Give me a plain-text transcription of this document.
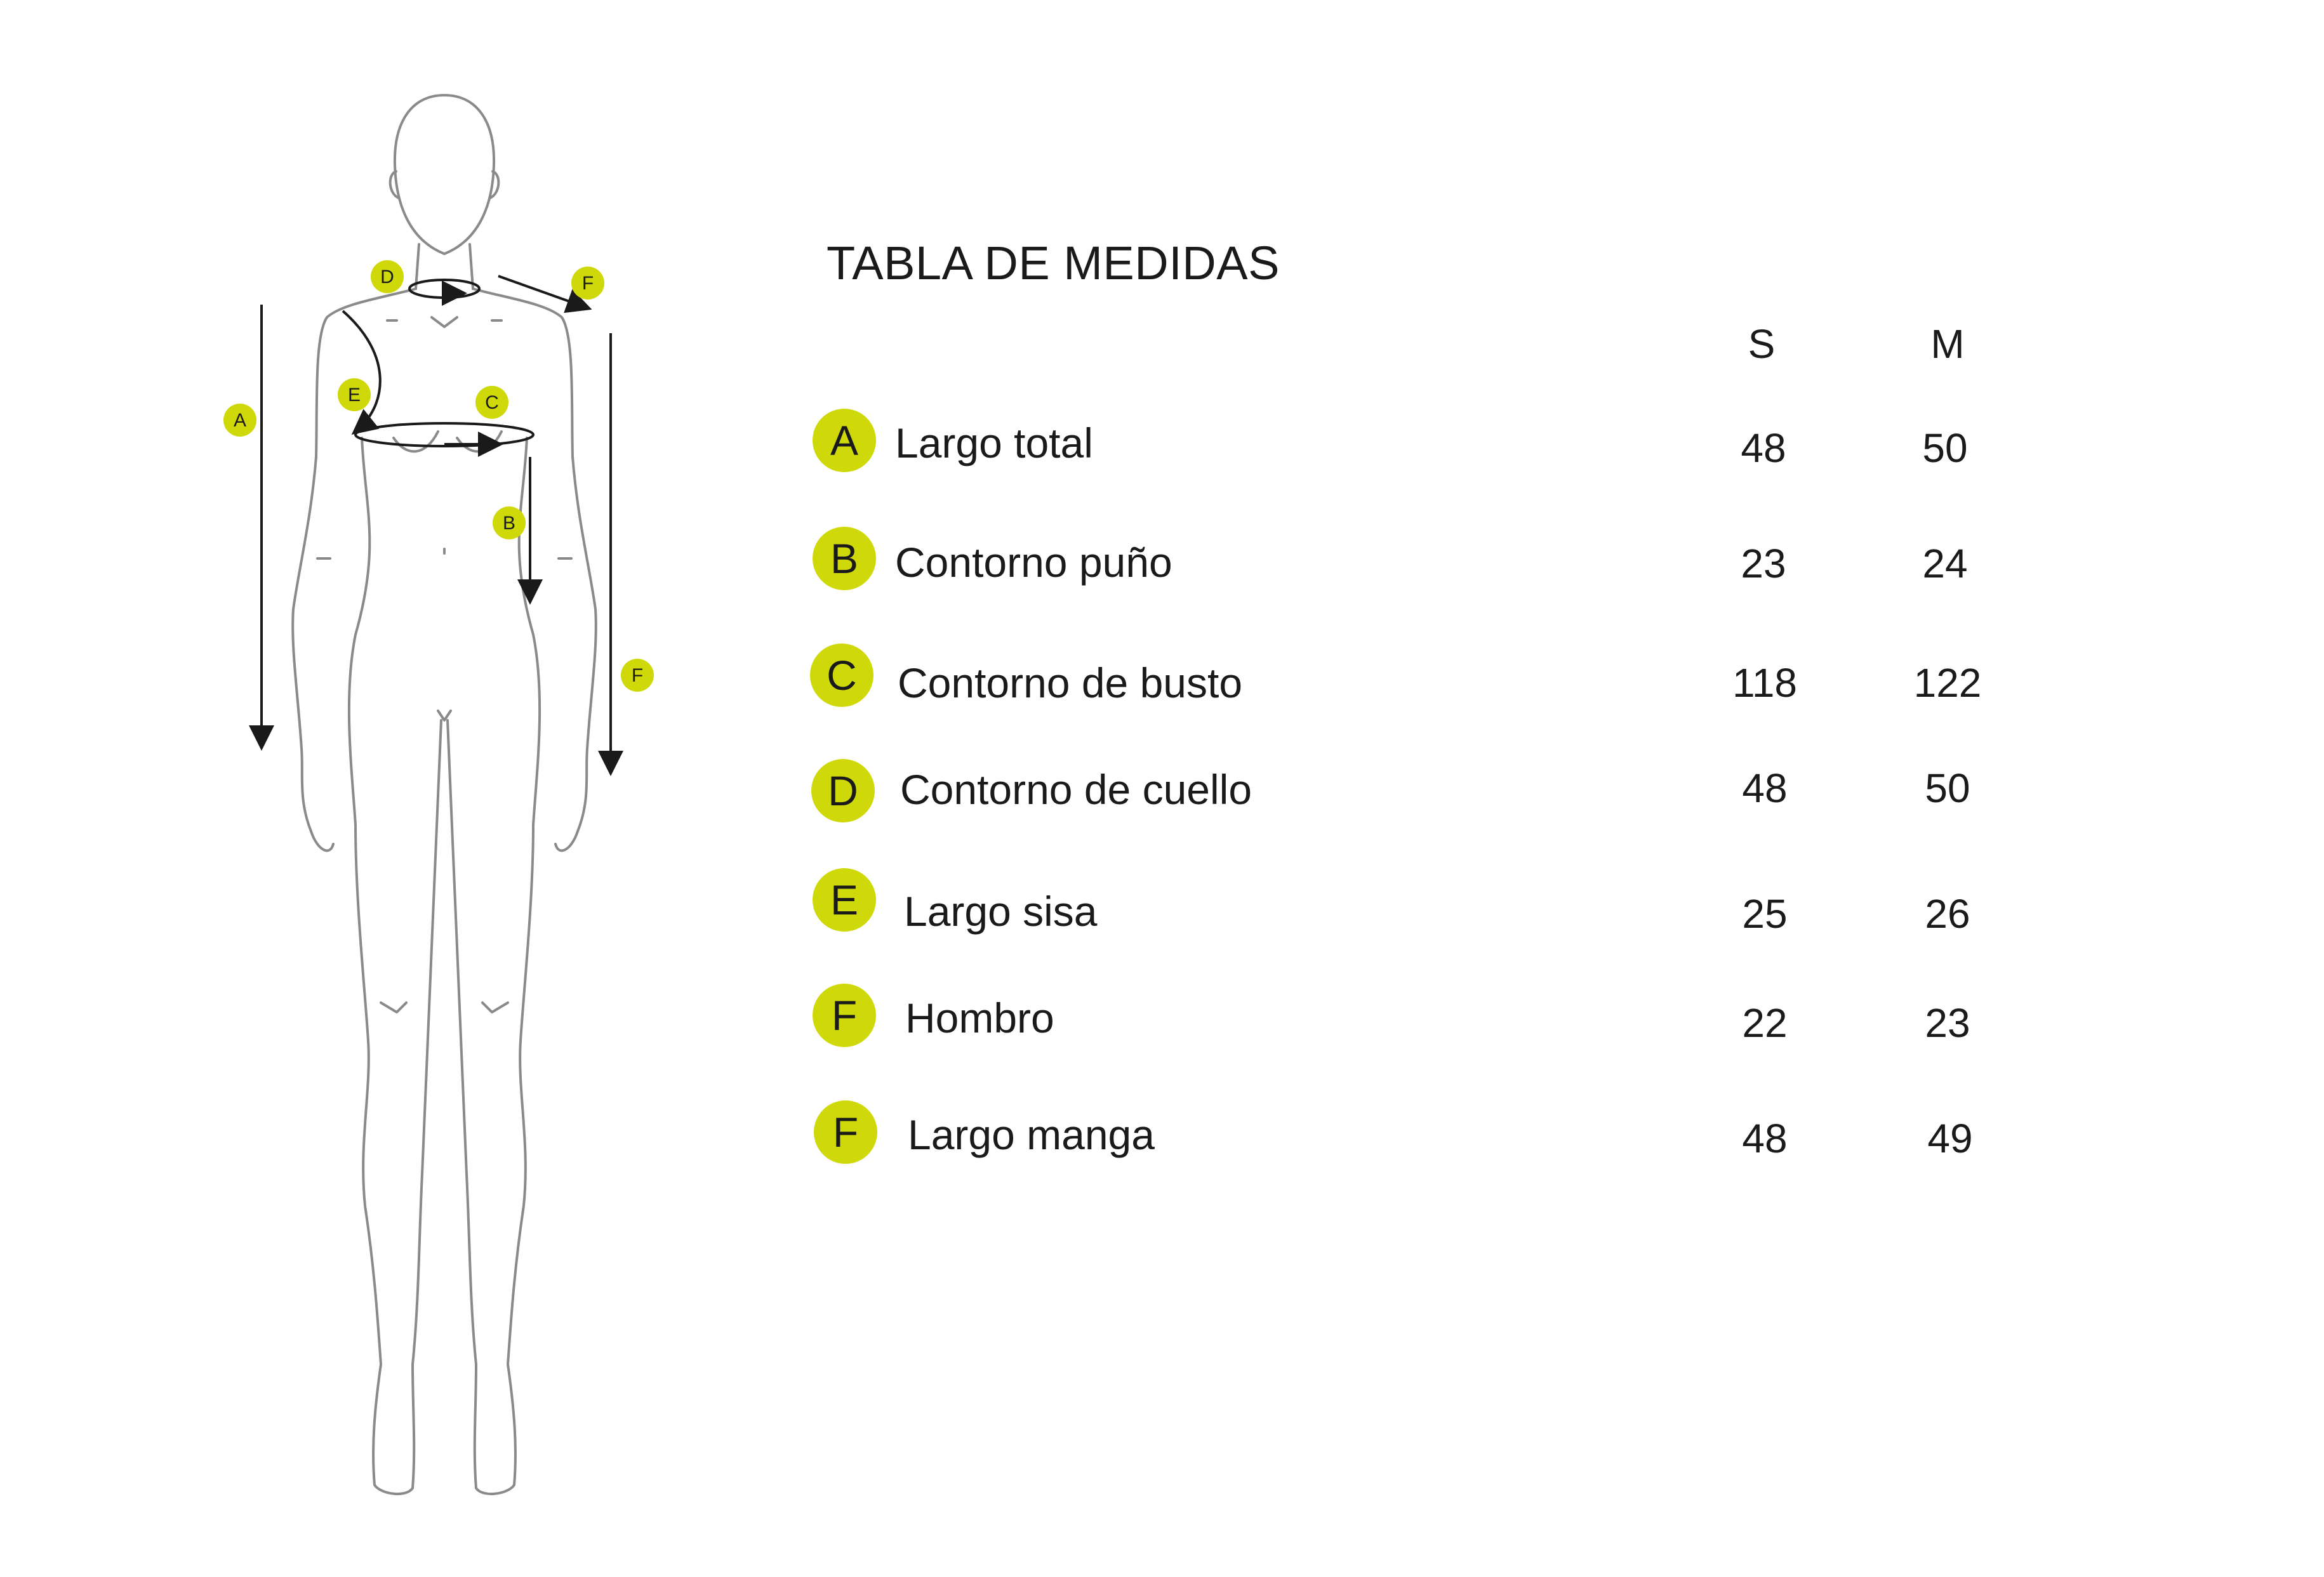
A
B
C
D
E
F
F
TABLA DE MEDIDAS
S	M
A Largo total	48	50
B Contorno puño	23	24
C Contorno de busto	118	122
D	Contorno de cuello	48	50
E	Largo sisa	25	26
F	Hombro	22	23
F	Largo manga	48	49
